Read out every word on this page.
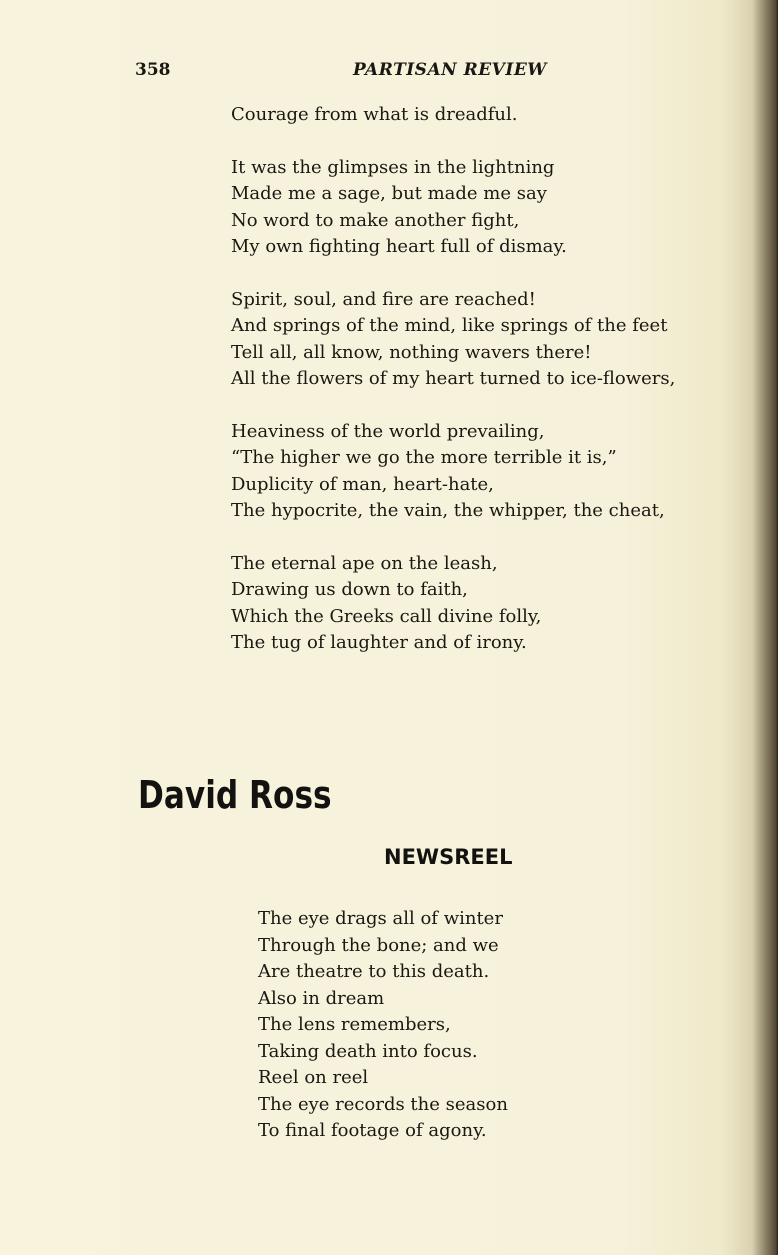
358	PARTISAN REVIEW

Courage from what is dreadful.
It was the glimpses in the lightning
Made me a sage, but made me say
No word to make another fight,
My own fighting heart full of dismay.
Spirit, soul, and fire are reached!
And springs of the mind, like springs of the feet
Tell all, all know, nothing wavers there!
All the flowers of my heart turned to ice-flowers,
Heaviness of the world prevailing,
“The higher we go the more terrible it is,”
Duplicity of man, heart-hate,
The hypocrite, the vain, the whipper, the cheat,
The eternal ape on the leash,
Drawing us down to faith,
Which the Greeks call divine folly,
The tug of laughter and of irony.
David Ross
NEWSREEL
The eye drags all of winter
Through the bone; and we
Are theatre to this death.
Also in dream
The lens remembers,
Taking death into focus.
Reel on reel
The eye records the season
To final footage of agony.
